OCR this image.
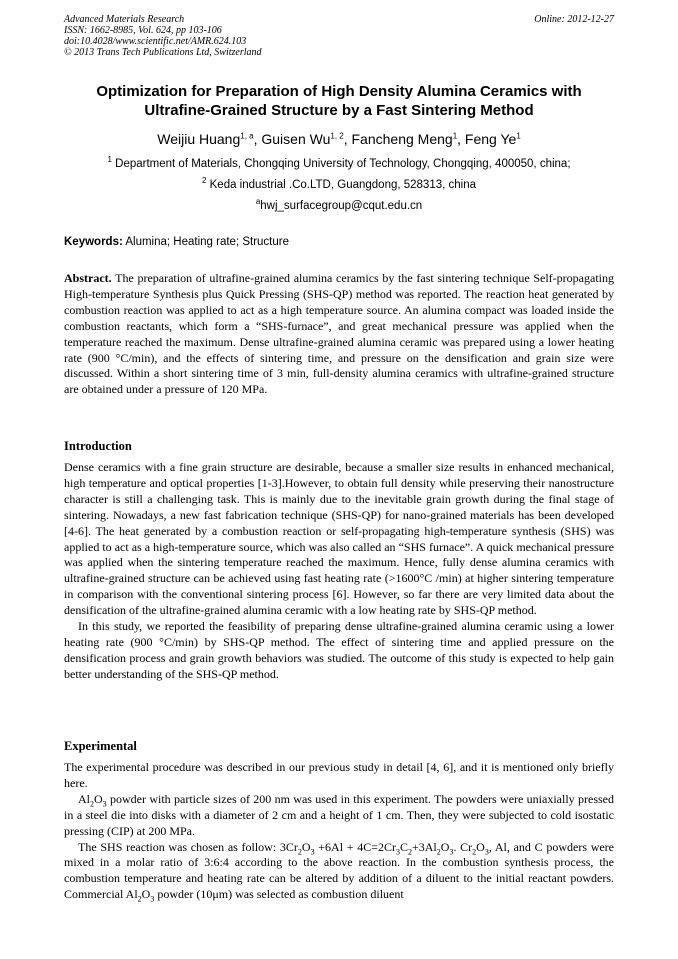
Advanced Materials Research
ISSN: 1662-8985, Vol. 624, pp 103-106
doi:10.4028/www.scientific.net/AMR.624.103
© 2013 Trans Tech Publications Ltd, Switzerland
Online: 2012-12-27
Optimization for Preparation of High Density Alumina Ceramics with Ultrafine-Grained Structure by a Fast Sintering Method
Weijiu Huang$^{1, a}$, Guisen Wu$^{1, 2}$, Fancheng Meng$^1$, Feng Ye$^1$
$^1$ Department of Materials, Chongqing University of Technology, Chongqing, 400050, china;
$^2$ Keda industrial .Co.LTD, Guangdong, 528313, china
$^a$hwj_surfacegroup@cqut.edu.cn
Keywords: Alumina; Heating rate; Structure
Abstract. The preparation of ultrafine-grained alumina ceramics by the fast sintering technique Self-propagating High-temperature Synthesis plus Quick Pressing (SHS-QP) method was reported. The reaction heat generated by combustion reaction was applied to act as a high temperature source. An alumina compact was loaded inside the combustion reactants, which form a “SHS-furnace”, and great mechanical pressure was applied when the temperature reached the maximum. Dense ultrafine-grained alumina ceramic was prepared using a lower heating rate (900 °C/min), and the effects of sintering time, and pressure on the densification and grain size were discussed. Within a short sintering time of 3 min, full-density alumina ceramics with ultrafine-grained structure are obtained under a pressure of 120 MPa.
Introduction

Dense ceramics with a fine grain structure are desirable, because a smaller size results in enhanced mechanical, high temperature and optical properties [1-3].However, to obtain full density while preserving their nanostructure character is still a challenging task. This is mainly due to the inevitable grain growth during the final stage of sintering. Nowadays, a new fast fabrication technique (SHS-QP) for nano-grained materials has been developed [4-6]. The heat generated by a combustion reaction or self-propagating high-temperature synthesis (SHS) was applied to act as a high-temperature source, which was also called an “SHS furnace”. A quick mechanical pressure was applied when the sintering temperature reached the maximum. Hence, fully dense alumina ceramics with ultrafine-grained structure can be achieved using fast heating rate (>1600°C /min) at higher sintering temperature in comparison with the conventional sintering process [6]. However, so far there are very limited data about the densification of the ultrafine-grained alumina ceramic with a low heating rate by SHS-QP method.

In this study, we reported the feasibility of preparing dense ultrafine-grained alumina ceramic using a lower heating rate (900 °C/min) by SHS-QP method. The effect of sintering time and applied pressure on the densification process and grain growth behaviors was studied. The outcome of this study is expected to help gain better understanding of the SHS-QP method.

Experimental

The experimental procedure was described in our previous study in detail [4, 6], and it is mentioned only briefly here.

$Al_2O_3$ powder with particle sizes of 200 nm was used in this experiment. The powders were uniaxially pressed in a steel die into disks with a diameter of 2 cm and a height of 1 cm. Then, they were subjected to cold isostatic pressing (CIP) at 200 MPa.

The SHS reaction was chosen as follow: $3Cr_2O_3 +6Al + 4C=2Cr_3C_2+3Al_2O_3$. $Cr_2O_3$, Al, and C powders were mixed in a molar ratio of 3:6:4 according to the above reaction. In the combustion synthesis process, the combustion temperature and heating rate can be altered by addition of a diluent to the initial reactant powders. Commercial $Al_2O_3$ powder (10μm) was selected as combustion diluent
